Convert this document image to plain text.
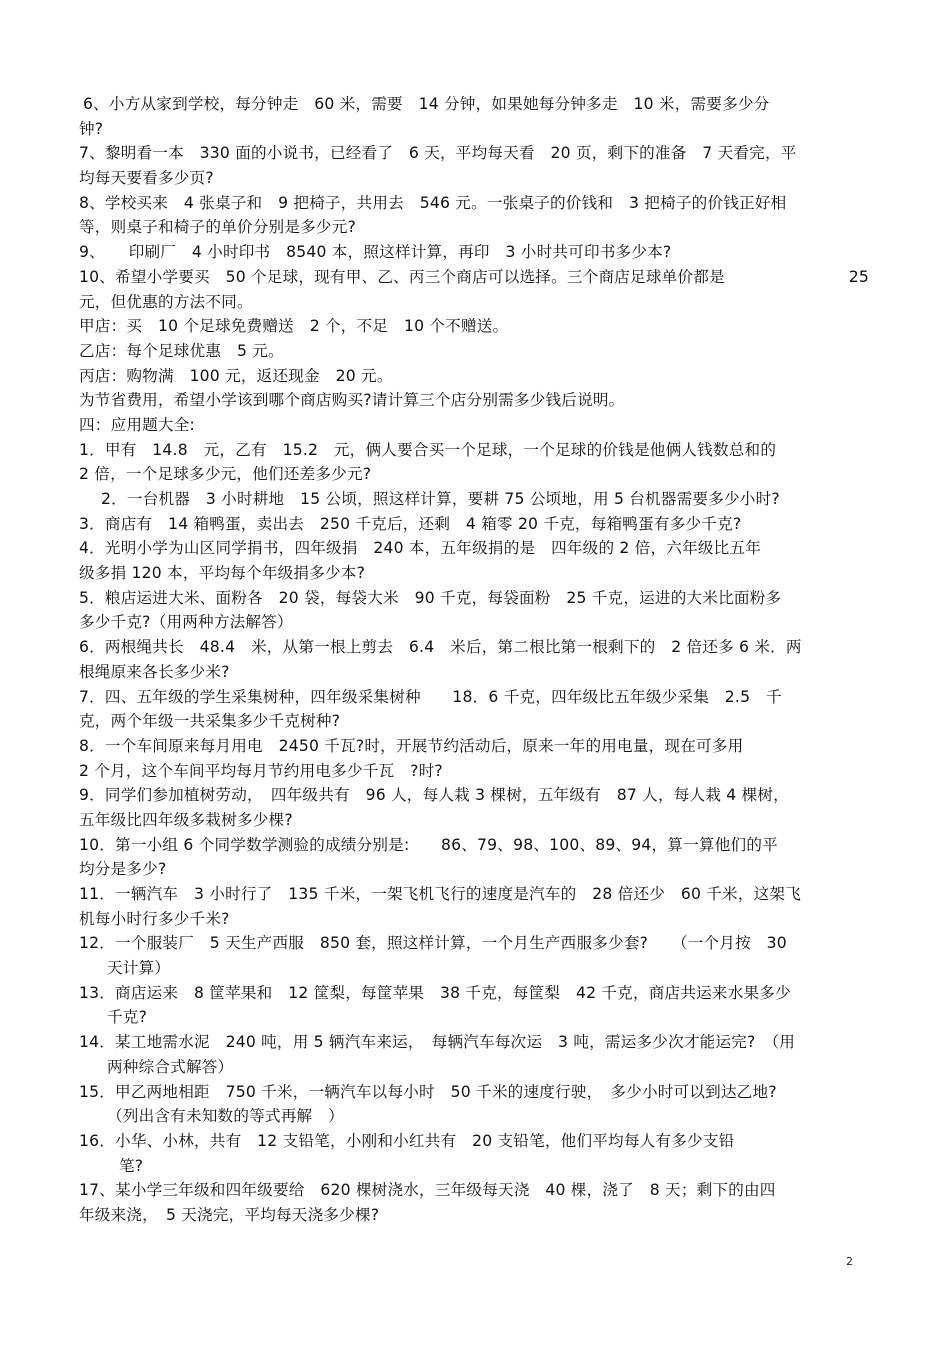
6、小方从家到学校，每分钟走　60 米，需要　14 分钟，如果她每分钟多走　10 米，需要多少分
钟?
7、黎明看一本　330 面的小说书，已经看了　6 天，平均每天看　20 页，剩下的准备　7 天看完，平
均每天要看多少页?
8、学校买来　4 张桌子和　9 把椅子，共用去　546 元。一张桌子的价钱和　3 把椅子的价钱正好相
等，则桌子和椅子的单价分别是多少元?
9、　　印刷厂　4 小时印书　8540 本，照这样计算，再印　3 小时共可印书多少本?
10、希望小学要买　50 个足球，现有甲、乙、丙三个商店可以选择。三个商店足球单价都是	25
元，但优惠的方法不同。
甲店：买　10 个足球免费赠送　2 个，不足　10 个不赠送。
乙店：每个足球优惠　5 元。
丙店：购物满　100 元，返还现金　20 元。
为节省费用，希望小学该到哪个商店购买?请计算三个店分别需多少钱后说明。
四：应用题大全:
1．甲有　14.8　元，乙有　15.2　元，俩人要合买一个足球，一个足球的价钱是他俩人钱数总和的
2 倍，一个足球多少元，他们还差多少元?
2．一台机器　3 小时耕地　15 公顷，照这样计算，要耕 75 公顷地，用 5 台机器需要多少小时?
3．商店有　14 箱鸭蛋，卖出去　250 千克后，还剩　4 箱零 20 千克，每箱鸭蛋有多少千克?
4．光明小学为山区同学捐书，四年级捐　240 本，五年级捐的是　四年级的 2 倍，六年级比五年
级多捐 120 本，平均每个年级捐多少本?
5．粮店运进大米、面粉各　20 袋，每袋大米　90 千克，每袋面粉　25 千克，运进的大米比面粉多
多少千克?（用两种方法解答）
6．两根绳共长　48.4　米，从第一根上剪去　6.4　米后，第二根比第一根剩下的　2 倍还多 6 米．两
根绳原来各长多少米?
7．四、五年级的学生采集树种，四年级采集树种　　18．6 千克，四年级比五年级少采集　2.5　千
克，两个年级一共采集多少千克树种?
8．一个车间原来每月用电　2450 千瓦?时，开展节约活动后，原来一年的用电量，现在可多用
2 个月，这个车间平均每月节约用电多少千瓦　?时?
9．同学们参加植树劳动，　四年级共有　96 人，每人栽 3 棵树，五年级有　87 人，每人栽 4 棵树，
五年级比四年级多栽树多少棵?
10．第一小组 6 个同学数学测验的成绩分别是:　　86、79、98、100、89、94，算一算他们的平
均分是多少?
11．一辆汽车　3 小时行了　135 千米，一架飞机飞行的速度是汽车的　28 倍还少　60 千米，这架飞
机每小时行多少千米?
12．一个服装厂　5 天生产西服　850 套，照这样计算，一个月生产西服多少套?　　（一个月按　30
天计算）
13．商店运来　8 筐苹果和　12 筐梨，每筐苹果　38 千克，每筐梨　42 千克，商店共运来水果多少
千克?
14．某工地需水泥　240 吨，用 5 辆汽车来运，　每辆汽车每次运　3 吨，需运多少次才能运完?　（用
两种综合式解答）
15．甲乙两地相距　750 千米，一辆汽车以每小时　50 千米的速度行驶，　多少小时可以到达乙地?
（列出含有未知数的等式再解　）
16．小华、小林，共有　12 支铅笔，小刚和小红共有　20 支铅笔，他们平均每人有多少支铅
笔?
17、某小学三年级和四年级要给　620 棵树浇水，三年级每天浇　40 棵，浇了　8 天；剩下的由四
年级来浇，　5 天浇完，平均每天浇多少棵?
2
